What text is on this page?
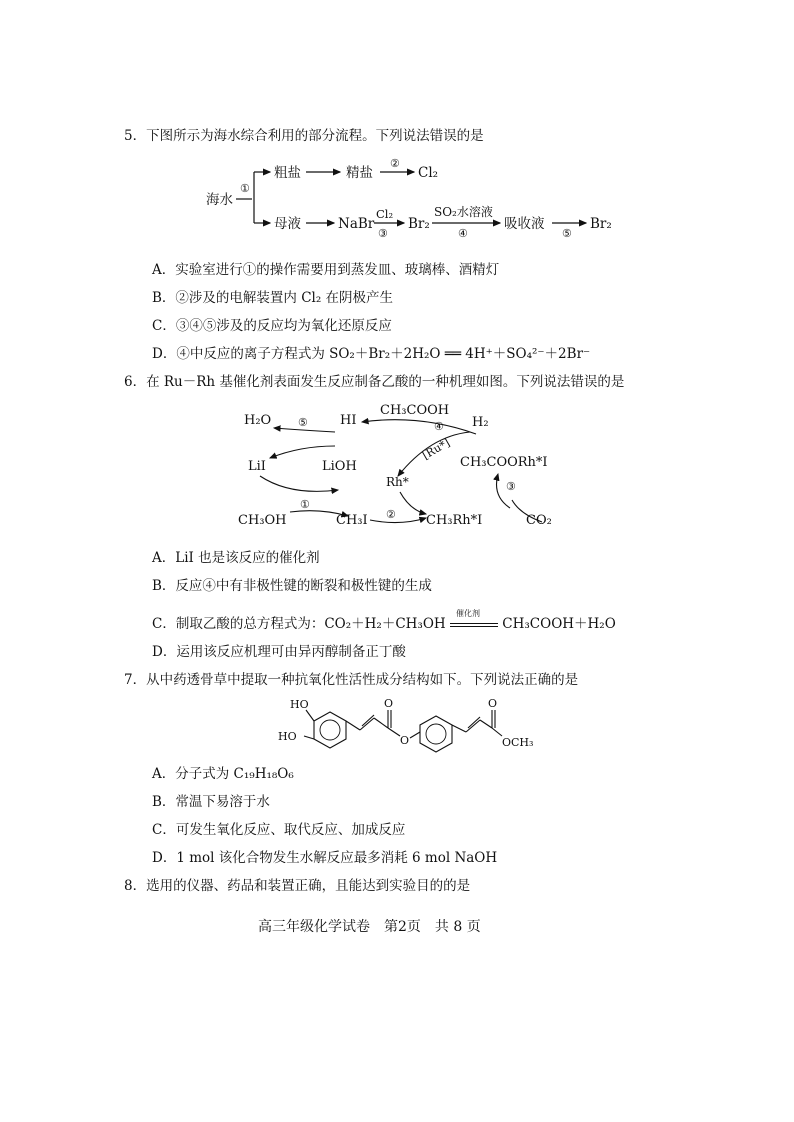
5．下图所示为海水综合利用的部分流程。下列说法错误的是
海水
①
粗盐	精盐
②
Cl₂
母液	NaBr
Cl₂
③
Br₂
SO₂水溶液
④
吸收液
⑤
Br₂
A．实验室进行①的操作需要用到蒸发皿、玻璃棒、酒精灯
B．②涉及的电解装置内 Cl₂ 在阴极产生
C．③④⑤涉及的反应均为氧化还原反应
D．④中反应的离子方程式为 SO₂＋Br₂＋2H₂O ══ 4H⁺＋SO₄²⁻＋2Br⁻
6．在 Ru－Rh 基催化剂表面发生反应制备乙酸的一种机理如图。下列说法错误的是
H₂O	HI
⑤
LiI	LiOH
①
CH₃OH	CH₃I ② CH₃Rh*I
Rh*
[Ru*]
CH₃COOH
④ H₂
CH₃COORh*I
③
CO₂
A．LiI 也是该反应的催化剂
B．反应④中有非极性键的断裂和极性键的生成
C．制取乙酸的总方程式为：CO₂＋H₂＋CH₃OH
催化剂
CH₃COOH＋H₂O
D．运用该反应机理可由异丙醇制备正丁酸
7．从中药透骨草中提取一种抗氧化性活性成分结构如下。下列说法正确的是
HO
HO
O
O
O
OCH₃
A．分子式为 C₁₉H₁₈O₆
B．常温下易溶于水
C．可发生氧化反应、取代反应、加成反应
D．1 mol 该化合物发生水解反应最多消耗 6 mol NaOH
8．选用的仪器、药品和装置正确，且能达到实验目的的是
高三年级化学试卷　第2页　共 8 页
